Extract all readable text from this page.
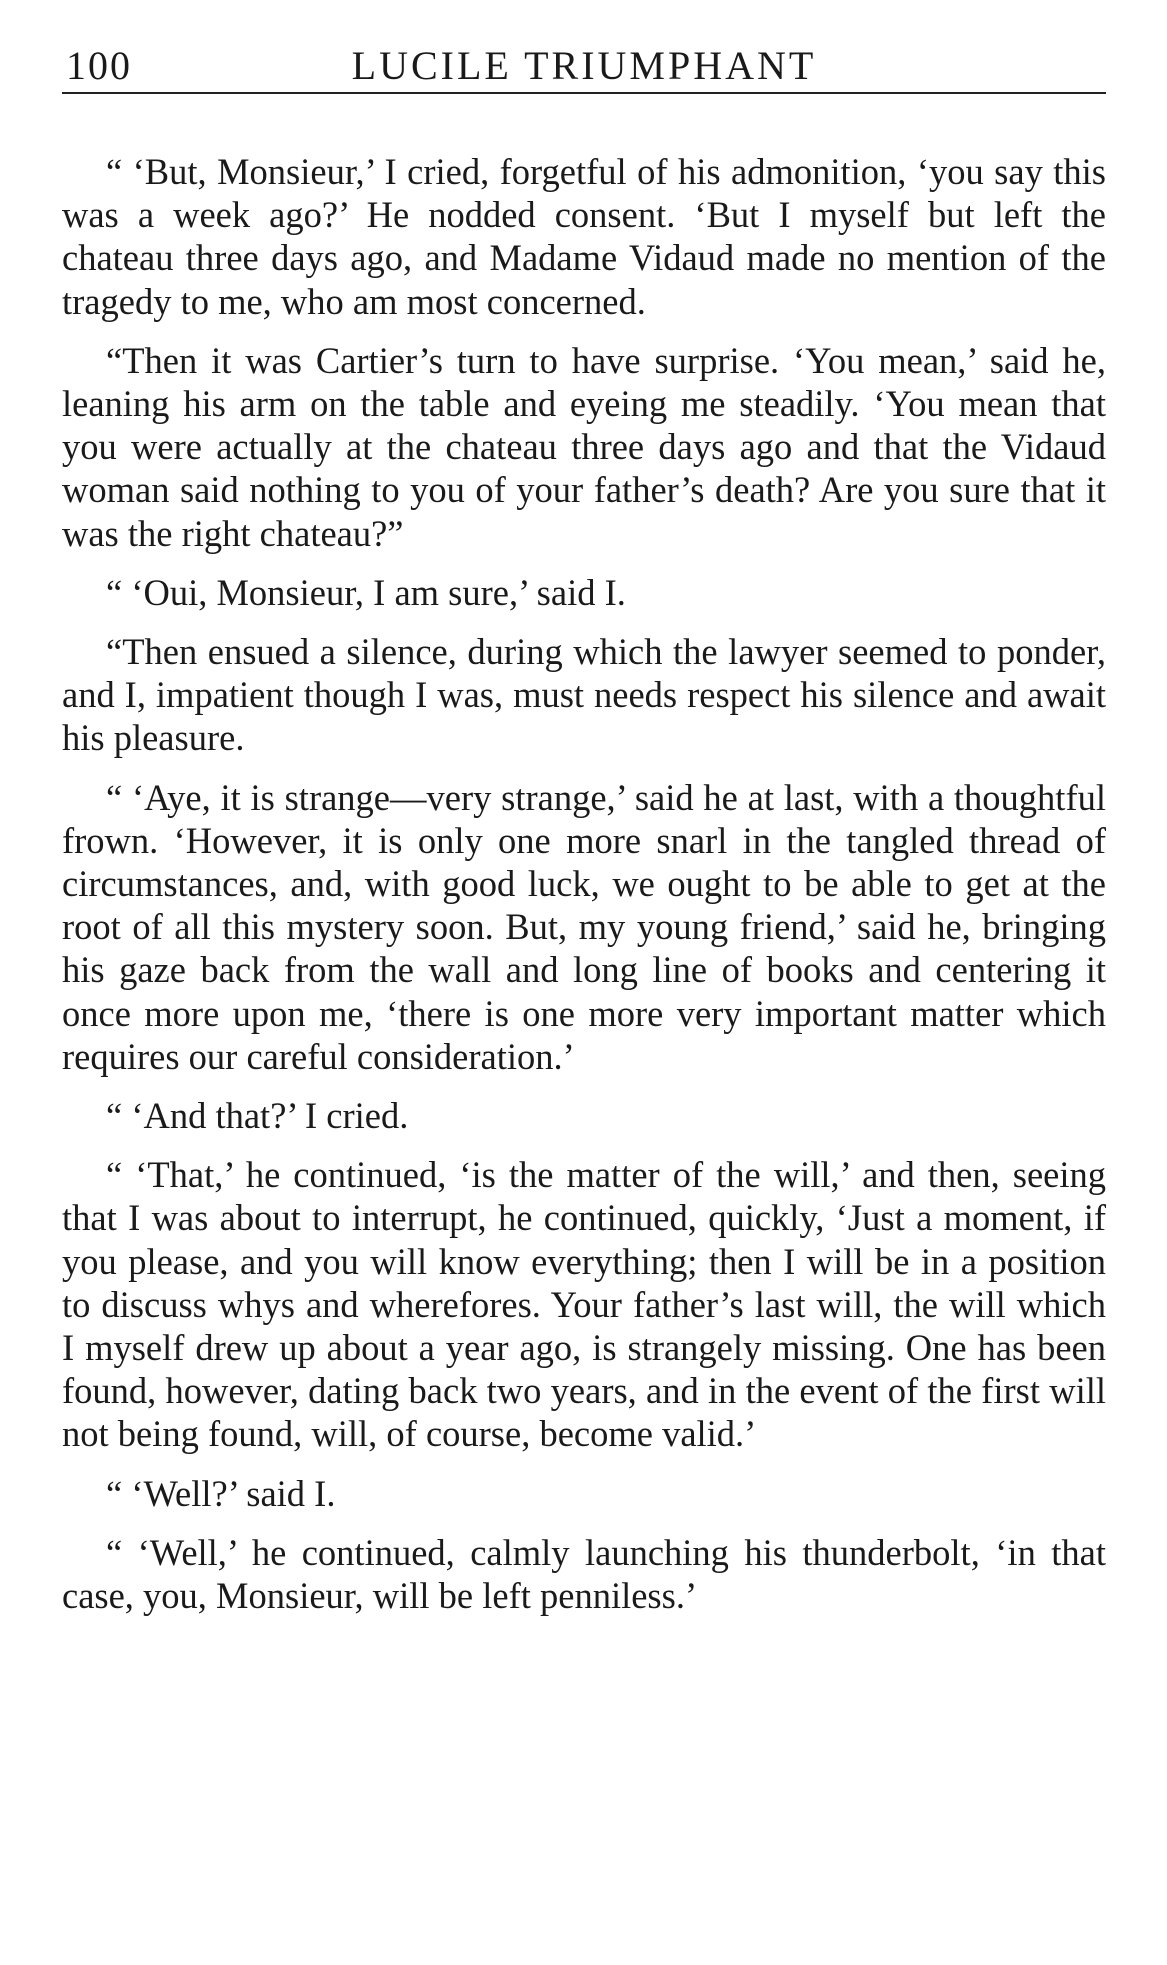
100	LUCILE TRIUMPHANT

“ ‘But, Monsieur,’ I cried, forgetful of his admonition, ‘you say this was a week ago?’ He nodded consent. ‘But I myself but left the chateau three days ago, and Madame Vidaud made no mention of the tragedy to me, who am most concerned.

“Then it was Cartier’s turn to have surprise. ‘You mean,’ said he, leaning his arm on the table and eyeing me steadily. ‘You mean that you were actually at the chateau three days ago and that the Vidaud woman said nothing to you of your father’s death? Are you sure that it was the right chateau?”

“ ‘Oui, Monsieur, I am sure,’ said I.

“Then ensued a silence, during which the lawyer seemed to ponder, and I, impatient though I was, must needs respect his silence and await his pleasure.

“ ‘Aye, it is strange—very strange,’ said he at last, with a thoughtful frown. ‘However, it is only one more snarl in the tangled thread of circumstances, and, with good luck, we ought to be able to get at the root of all this mystery soon. But, my young friend,’ said he, bringing his gaze back from the wall and long line of books and centering it once more upon me, ‘there is one more very important matter which requires our careful consideration.’

“ ‘And that?’ I cried.

“ ‘That,’ he continued, ‘is the matter of the will,’ and then, seeing that I was about to interrupt, he continued, quickly, ‘Just a moment, if you please, and you will know everything; then I will be in a position to discuss whys and wherefores. Your father’s last will, the will which I myself drew up about a year ago, is strangely missing. One has been found, however, dating back two years, and in the event of the first will not being found, will, of course, become valid.’

“ ‘Well?’ said I.

“ ‘Well,’ he continued, calmly launching his thunderbolt, ‘in that case, you, Monsieur, will be left penniless.’
